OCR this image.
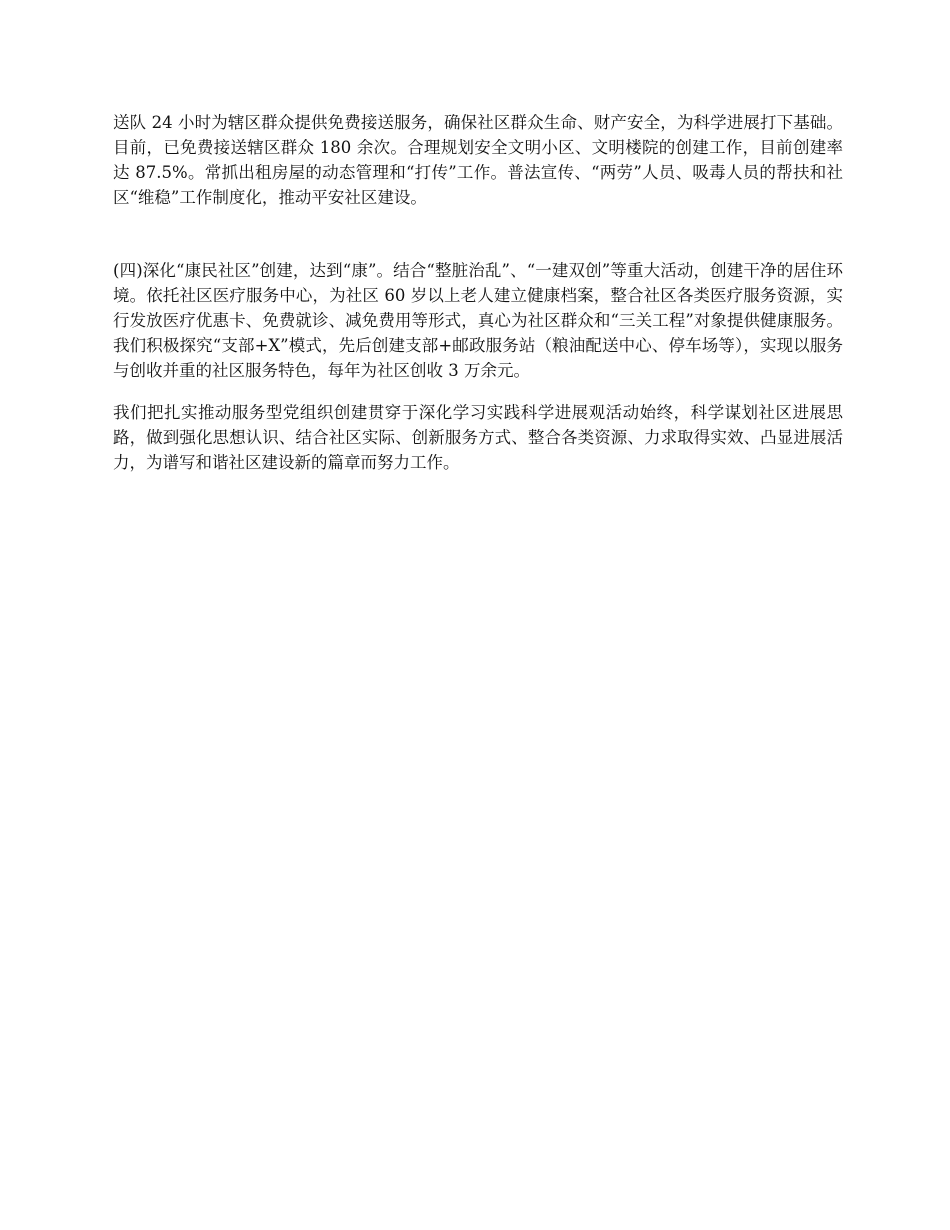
送队 24 小时为辖区群众提供免费接送服务，确保社区群众生命、财产安全，为科学进展打下基础。目前，已免费接送辖区群众 180 余次。合理规划安全文明小区、文明楼院的创建工作，目前创建率达 87.5%。常抓出租房屋的动态管理和“打传”工作。普法宣传、“两劳”人员、吸毒人员的帮扶和社区“维稳”工作制度化，推动平安社区建设。

(四)深化“康民社区”创建，达到“康”。结合“整脏治乱”、“一建双创”等重大活动，创建干净的居住环境。依托社区医疗服务中心，为社区 60 岁以上老人建立健康档案，整合社区各类医疗服务资源，实行发放医疗优惠卡、免费就诊、减免费用等形式，真心为社区群众和“三关工程”对象提供健康服务。我们积极探究“支部+X”模式，先后创建支部+邮政服务站（粮油配送中心、停车场等），实现以服务与创收并重的社区服务特色，每年为社区创收 3 万余元。

我们把扎实推动服务型党组织创建贯穿于深化学习实践科学进展观活动始终，科学谋划社区进展思路，做到强化思想认识、结合社区实际、创新服务方式、整合各类资源、力求取得实效、凸显进展活力，为谱写和谐社区建设新的篇章而努力工作。
